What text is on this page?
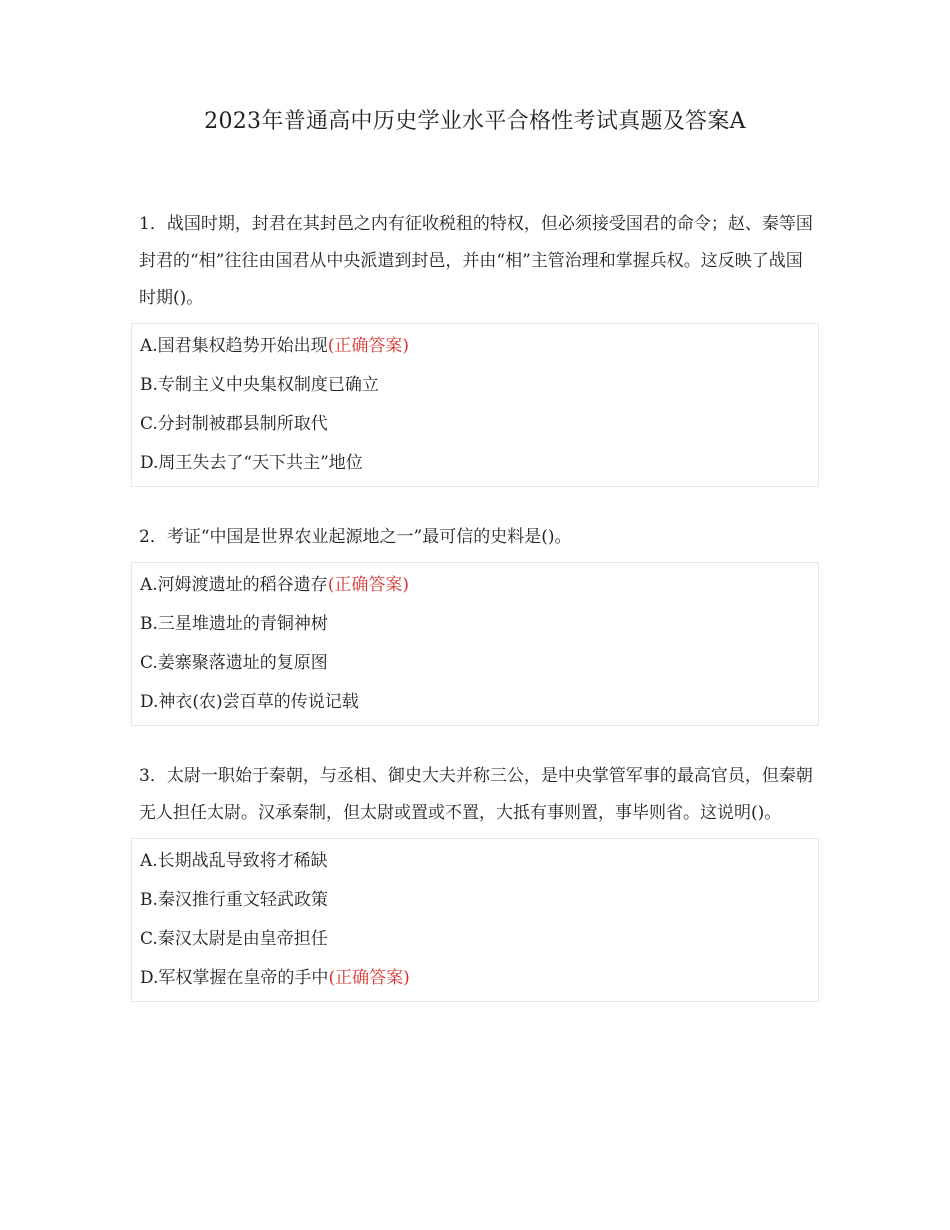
2023年普通高中历史学业水平合格性考试真题及答案A

1．战国时期，封君在其封邑之内有征收税租的特权，但必须接受国君的命令；赵、秦等国封君的“相”往往由国君从中央派遣到封邑，并由“相”主管治理和掌握兵权。这反映了战国时期()。

A.国君集权趋势开始出现(正确答案)
B.专制主义中央集权制度已确立
C.分封制被郡县制所取代
D.周王失去了“天下共主”地位

2．考证“中国是世界农业起源地之一”最可信的史料是()。

A.河姆渡遗址的稻谷遗存(正确答案)
B.三星堆遗址的青铜神树
C.姜寨聚落遗址的复原图
D.神衣(农)尝百草的传说记载

3．太尉一职始于秦朝，与丞相、御史大夫并称三公，是中央掌管军事的最高官员，但秦朝无人担任太尉。汉承秦制，但太尉或置或不置，大抵有事则置，事毕则省。这说明()。

A.长期战乱导致将才稀缺
B.秦汉推行重文轻武政策
C.秦汉太尉是由皇帝担任
D.军权掌握在皇帝的手中(正确答案)
